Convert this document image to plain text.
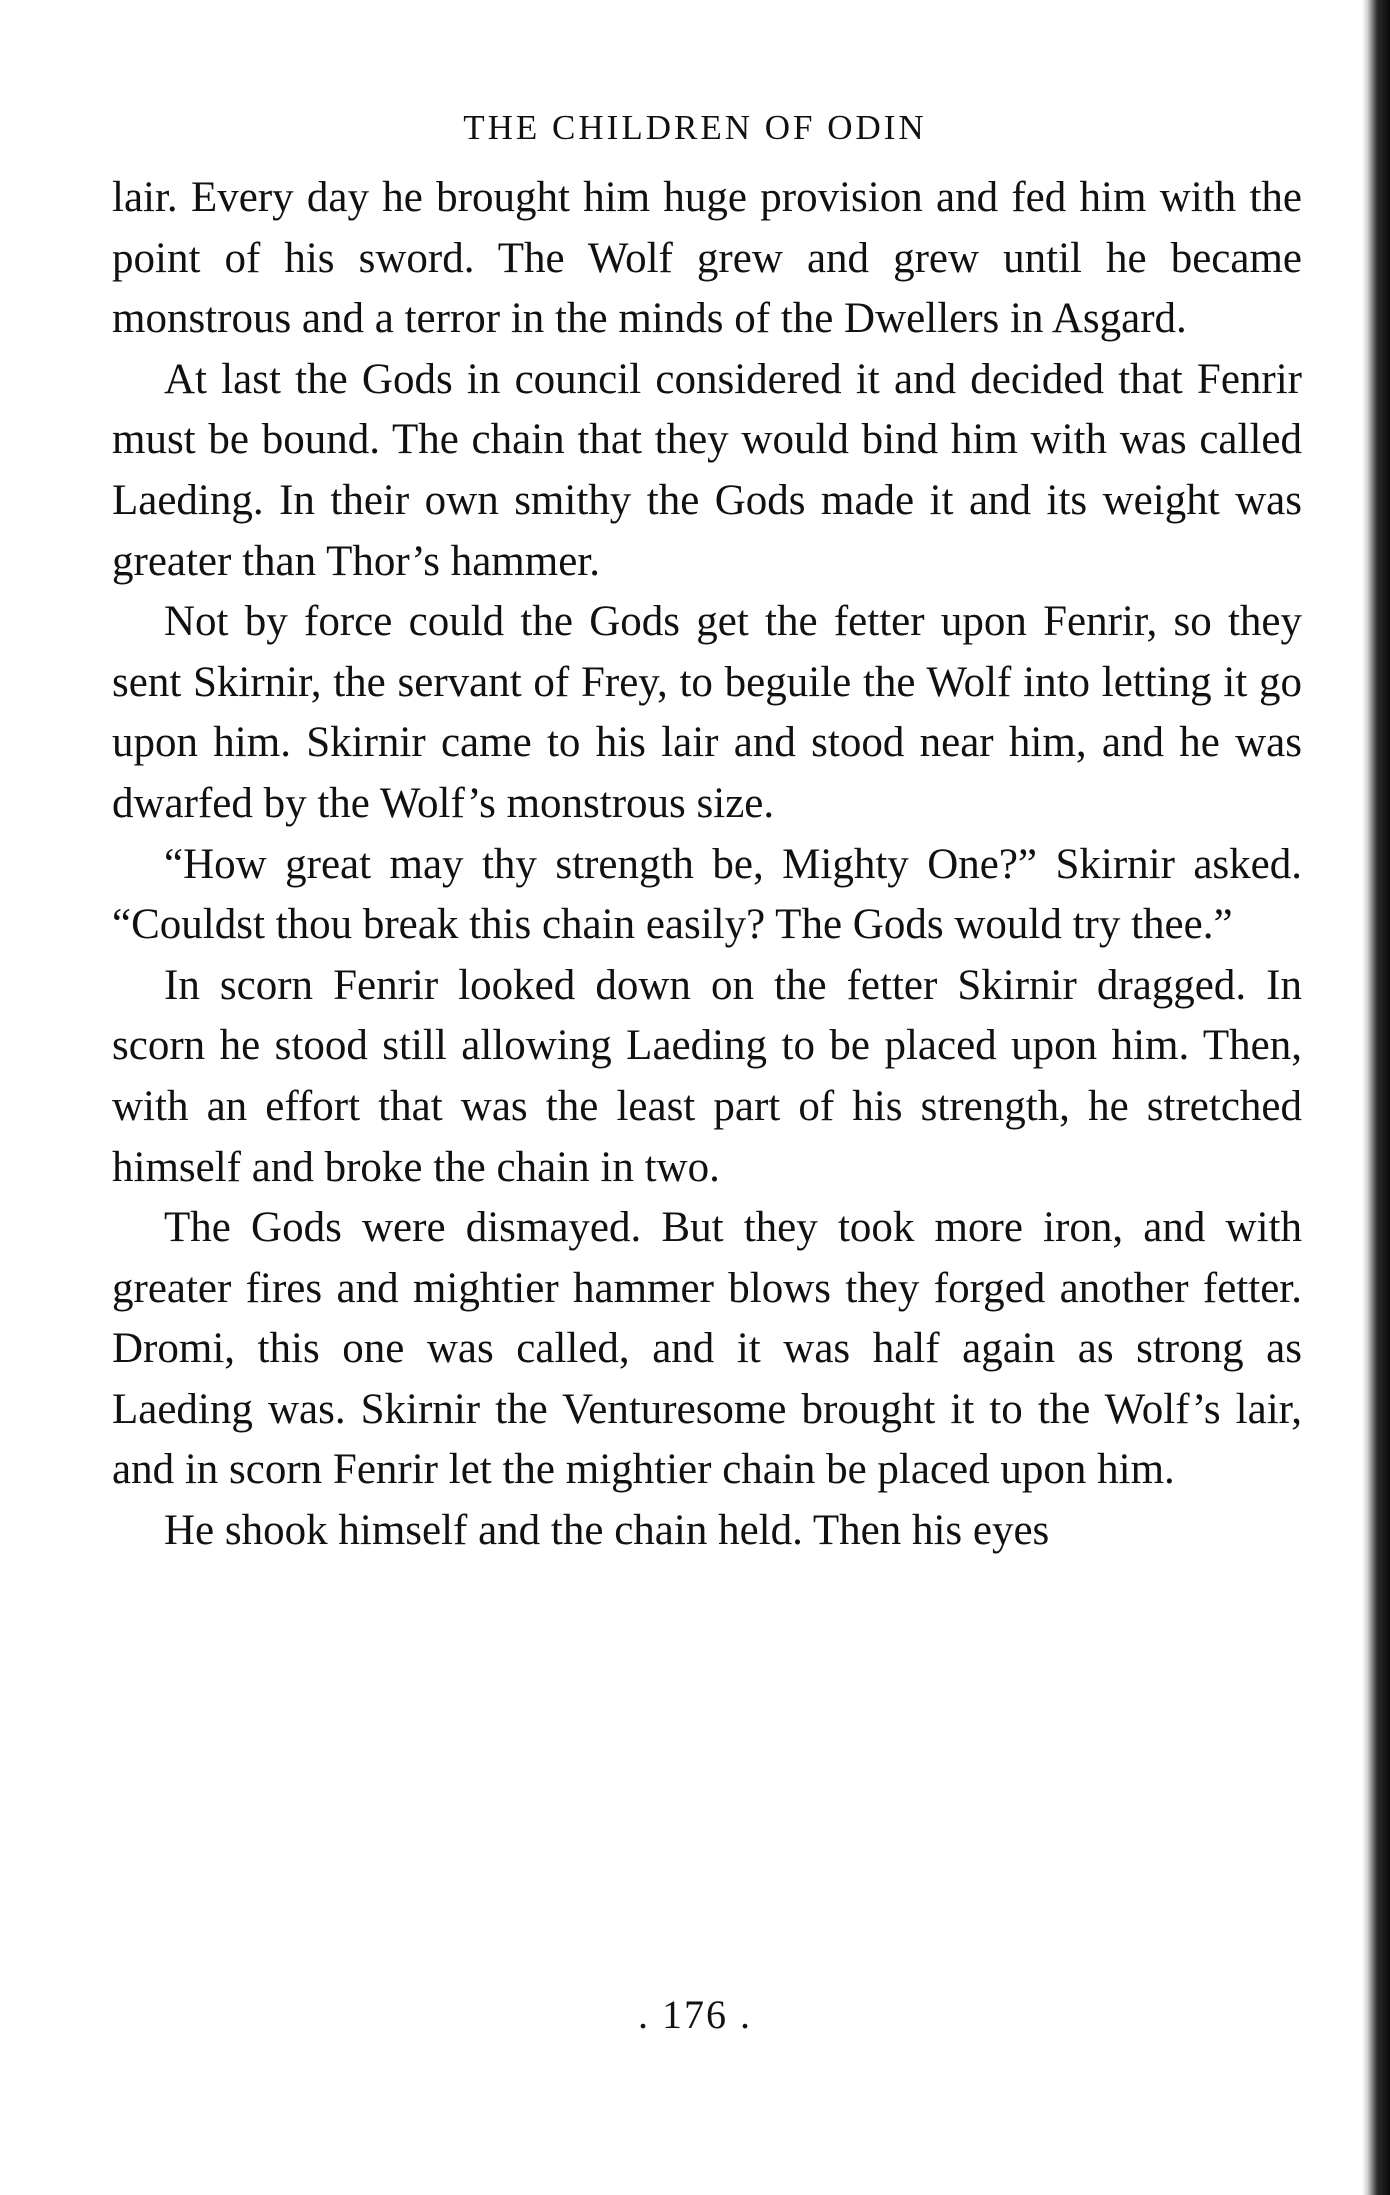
THE CHILDREN OF ODIN

lair. Every day he brought him huge provision and fed him with the point of his sword. The Wolf grew and grew until he became monstrous and a terror in the minds of the Dwellers in Asgard.

At last the Gods in council considered it and decided that Fenrir must be bound. The chain that they would bind him with was called Laeding. In their own smithy the Gods made it and its weight was greater than Thor’s hammer.

Not by force could the Gods get the fetter upon Fenrir, so they sent Skirnir, the servant of Frey, to beguile the Wolf into letting it go upon him. Skirnir came to his lair and stood near him, and he was dwarfed by the Wolf’s monstrous size.

“How great may thy strength be, Mighty One?” Skirnir asked. “Couldst thou break this chain easily? The Gods would try thee.”

In scorn Fenrir looked down on the fetter Skirnir dragged. In scorn he stood still allowing Laeding to be placed upon him. Then, with an effort that was the least part of his strength, he stretched himself and broke the chain in two.

The Gods were dismayed. But they took more iron, and with greater fires and mightier hammer blows they forged another fetter. Dromi, this one was called, and it was half again as strong as Laeding was. Skirnir the Venturesome brought it to the Wolf’s lair, and in scorn Fenrir let the mightier chain be placed upon him.

He shook himself and the chain held. Then his eyes

. 176 .
